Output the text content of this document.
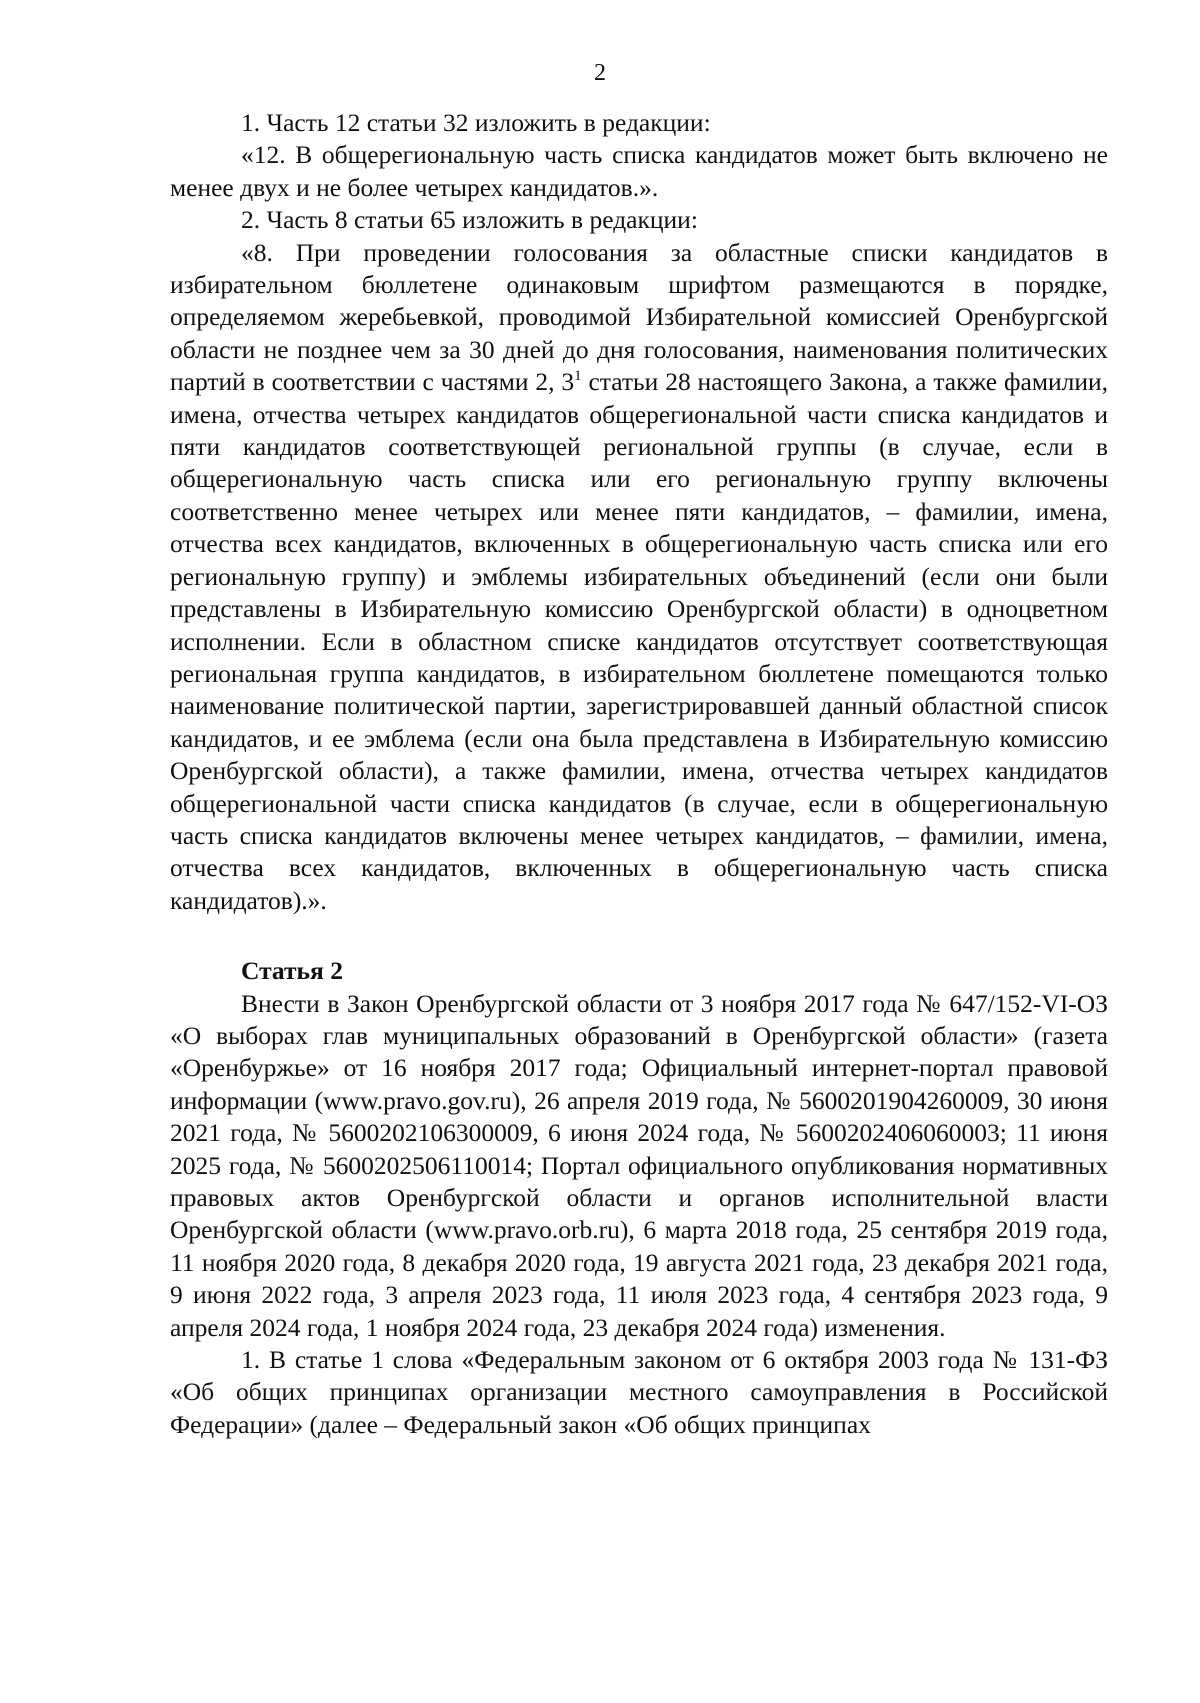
2

1. Часть 12 статьи 32 изложить в редакции:

«12. В общерегиональную часть списка кандидатов может быть включено не менее двух и не более четырех кандидатов.».

2. Часть 8 статьи 65 изложить в редакции:

«8. При проведении голосования за областные списки кандидатов в избирательном бюллетене одинаковым шрифтом размещаются в порядке, определяемом жеребьевкой, проводимой Избирательной комиссией Оренбургской области не позднее чем за 30 дней до дня голосования, наименования политических партий в соответствии с частями 2, $3^1$ статьи 28 настоящего Закона, а также фамилии, имена, отчества четырех кандидатов общерегиональной части списка кандидатов и пяти кандидатов соответствующей региональной группы (в случае, если в общерегиональную часть списка или его региональную группу включены соответственно менее четырех или менее пяти кандидатов, – фамилии, имена, отчества всех кандидатов, включенных в общерегиональную часть списка или его региональную группу) и эмблемы избирательных объединений (если они были представлены в Избирательную комиссию Оренбургской области) в одноцветном исполнении. Если в областном списке кандидатов отсутствует соответствующая региональная группа кандидатов, в избирательном бюллетене помещаются только наименование политической партии, зарегистрировавшей данный областной список кандидатов, и ее эмблема (если она была представлена в Избирательную комиссию Оренбургской области), а также фамилии, имена, отчества четырех кандидатов общерегиональной части списка кандидатов (в случае, если в общерегиональную часть списка кандидатов включены менее четырех кандидатов, – фамилии, имена, отчества всех кандидатов, включенных в общерегиональную часть списка кандидатов).».

Статья 2

Внести в Закон Оренбургской области от 3 ноября 2017 года № 647/152-VI-ОЗ «О выборах глав муниципальных образований в Оренбургской области» (газета «Оренбуржье» от 16 ноября 2017 года; Официальный интернет-портал правовой информации (www.pravo.gov.ru), 26 апреля 2019 года, № 5600201904260009, 30 июня 2021 года, № 5600202106300009, 6 июня 2024 года, № 5600202406060003; 11 июня 2025 года, № 5600202506110014; Портал официального опубликования нормативных правовых актов Оренбургской области и органов исполнительной власти Оренбургской области (www.pravo.orb.ru), 6 марта 2018 года, 25 сентября 2019 года, 11 ноября 2020 года, 8 декабря 2020 года, 19 августа 2021 года, 23 декабря 2021 года, 9 июня 2022 года, 3 апреля 2023 года, 11 июля 2023 года, 4 сентября 2023 года, 9 апреля 2024 года, 1 ноября 2024 года, 23 декабря 2024 года) изменения.

1. В статье 1 слова «Федеральным законом от 6 октября 2003 года № 131-ФЗ «Об общих принципах организации местного самоуправления в Российской Федерации» (далее – Федеральный закон «Об общих принципах
